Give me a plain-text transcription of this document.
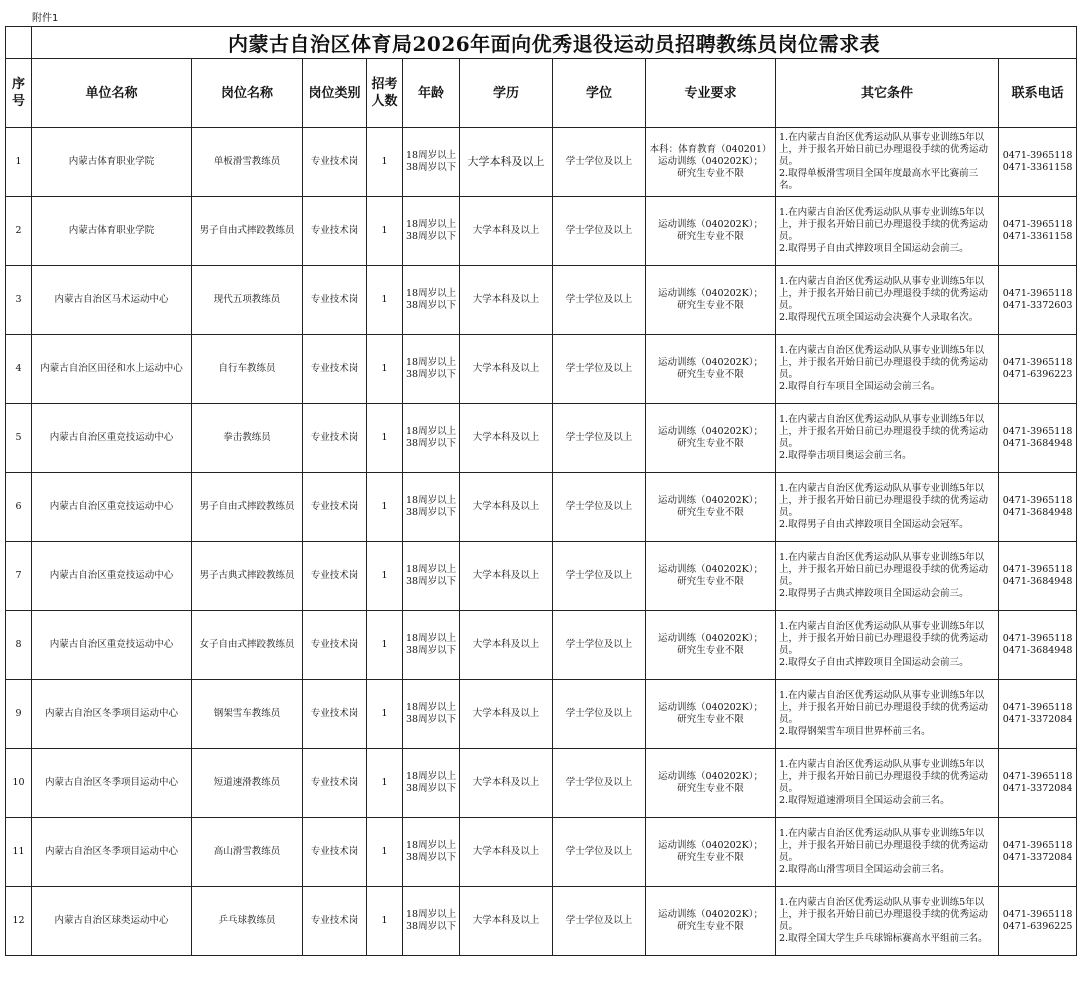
附件1
	内蒙古自治区体育局2026年面向优秀退役运动员招聘教练员岗位需求表									

序
号	单位名称	岗位名称	岗位类别	招考
人数	年龄	学历	学位	专业要求	其它条件	联系电话
1	内蒙古体育职业学院	单板滑雪教练员	专业技术岗	1	18周岁以上
38周岁以下	大学本科及以上	学士学位及以上	本科：体育教育（040201）
运动训练（040202K）；
研究生专业不限	1.在内蒙古自治区优秀运动队从事专业训练5年以上，并于报名开始日前已办理退役手续的优秀运动员。
2.取得单板滑雪项目全国年度最高水平比赛前三名。	0471-3965118
0471-3361158

2	内蒙古体育职业学院	男子自由式摔跤教练员	专业技术岗	1	18周岁以上
38周岁以下	大学本科及以上	学士学位及以上	运动训练（040202K）；
研究生专业不限	1.在内蒙古自治区优秀运动队从事专业训练5年以上，并于报名开始日前已办理退役手续的优秀运动员。
2.取得男子自由式摔跤项目全国运动会前三。	0471-3965118
0471-3361158

3	内蒙古自治区马术运动中心	现代五项教练员	专业技术岗	1	18周岁以上
38周岁以下	大学本科及以上	学士学位及以上	运动训练（040202K）；
研究生专业不限	1.在内蒙古自治区优秀运动队从事专业训练5年以上，并于报名开始日前已办理退役手续的优秀运动员。
2.取得现代五项全国运动会决赛个人录取名次。	0471-3965118
0471-3372603

4	内蒙古自治区田径和水上运动中心	自行车教练员	专业技术岗	1	18周岁以上
38周岁以下	大学本科及以上	学士学位及以上	运动训练（040202K）；
研究生专业不限	1.在内蒙古自治区优秀运动队从事专业训练5年以上，并于报名开始日前已办理退役手续的优秀运动员。
2.取得自行车项目全国运动会前三名。	0471-3965118
0471-6396223

5	内蒙古自治区重竞技运动中心	拳击教练员	专业技术岗	1	18周岁以上
38周岁以下	大学本科及以上	学士学位及以上	运动训练（040202K）；
研究生专业不限	1.在内蒙古自治区优秀运动队从事专业训练5年以上，并于报名开始日前已办理退役手续的优秀运动员。
2.取得拳击项目奥运会前三名。	0471-3965118
0471-3684948

6	内蒙古自治区重竞技运动中心	男子自由式摔跤教练员	专业技术岗	1	18周岁以上
38周岁以下	大学本科及以上	学士学位及以上	运动训练（040202K）；
研究生专业不限	1.在内蒙古自治区优秀运动队从事专业训练5年以上，并于报名开始日前已办理退役手续的优秀运动员。
2.取得男子自由式摔跤项目全国运动会冠军。	0471-3965118
0471-3684948

7	内蒙古自治区重竞技运动中心	男子古典式摔跤教练员	专业技术岗	1	18周岁以上
38周岁以下	大学本科及以上	学士学位及以上	运动训练（040202K）；
研究生专业不限	1.在内蒙古自治区优秀运动队从事专业训练5年以上，并于报名开始日前已办理退役手续的优秀运动员。
2.取得男子古典式摔跤项目全国运动会前三。	0471-3965118
0471-3684948

8	内蒙古自治区重竞技运动中心	女子自由式摔跤教练员	专业技术岗	1	18周岁以上
38周岁以下	大学本科及以上	学士学位及以上	运动训练（040202K）；
研究生专业不限	1.在内蒙古自治区优秀运动队从事专业训练5年以上，并于报名开始日前已办理退役手续的优秀运动员。
2.取得女子自由式摔跤项目全国运动会前三。	0471-3965118
0471-3684948

9	内蒙古自治区冬季项目运动中心	钢架雪车教练员	专业技术岗	1	18周岁以上
38周岁以下	大学本科及以上	学士学位及以上	运动训练（040202K）；
研究生专业不限	1.在内蒙古自治区优秀运动队从事专业训练5年以上，并于报名开始日前已办理退役手续的优秀运动员。
2.取得钢架雪车项目世界杯前三名。	0471-3965118
0471-3372084

10	内蒙古自治区冬季项目运动中心	短道速滑教练员	专业技术岗	1	18周岁以上
38周岁以下	大学本科及以上	学士学位及以上	运动训练（040202K）；
研究生专业不限	1.在内蒙古自治区优秀运动队从事专业训练5年以上，并于报名开始日前已办理退役手续的优秀运动员。
2.取得短道速滑项目全国运动会前三名。	0471-3965118
0471-3372084

11	内蒙古自治区冬季项目运动中心	高山滑雪教练员	专业技术岗	1	18周岁以上
38周岁以下	大学本科及以上	学士学位及以上	运动训练（040202K）；
研究生专业不限	1.在内蒙古自治区优秀运动队从事专业训练5年以上，并于报名开始日前已办理退役手续的优秀运动员。
2.取得高山滑雪项目全国运动会前三名。	0471-3965118
0471-3372084

12	内蒙古自治区球类运动中心	乒乓球教练员	专业技术岗	1	18周岁以上
38周岁以下	大学本科及以上	学士学位及以上	运动训练（040202K）；
研究生专业不限	1.在内蒙古自治区优秀运动队从事专业训练5年以上，并于报名开始日前已办理退役手续的优秀运动员。
2.取得全国大学生乒乓球锦标赛高水平组前三名。	0471-3965118
0471-6396225
